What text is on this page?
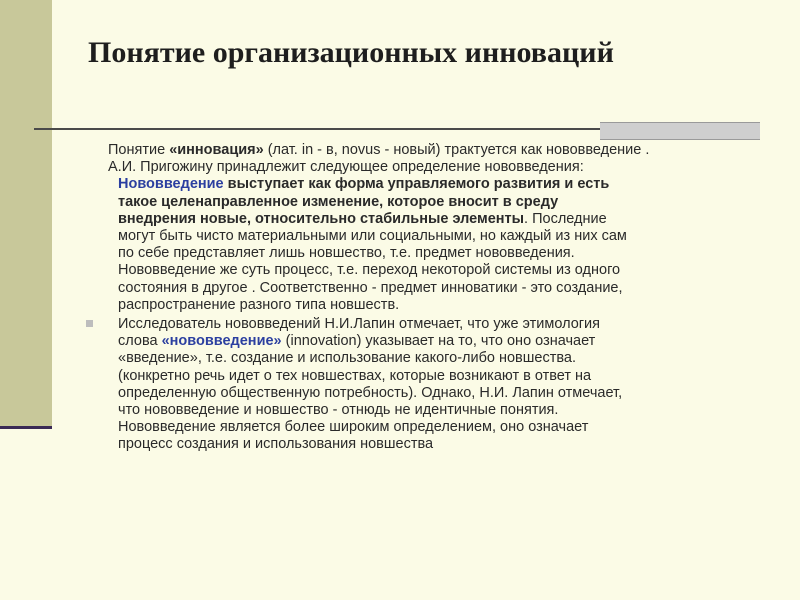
Понятие организационных инноваций
Понятие «инновация» (лат. in - в, novus - новый) трактуется как нововведение .
А.И. Пригожину принадлежит следующее определение нововведения:
Нововведение выступает как форма управляемого развития и есть
такое целенаправленное изменение, которое вносит в среду
внедрения новые, относительно стабильные элементы. Последние
могут быть чисто материальными или социальными, но каждый из них сам
по себе представляет лишь новшество, т.е. предмет нововведения.
Нововведение же суть процесс, т.е. переход некоторой системы из одного
состояния в другое . Соответственно - предмет инноватики - это создание,
распространение разного типа новшеств.
Исследователь нововведений Н.И.Лапин отмечает, что уже этимология
слова «нововведение» (innovation) указывает на то, что оно означает
«введение», т.е. создание и использование какого-либо новшества.
(конкретно речь идет о тех новшествах, которые возникают в ответ на
определенную общественную потребность). Однако, Н.И. Лапин отмечает,
что нововведение и новшество - отнюдь не идентичные понятия.
Нововведение является более широким определением, оно означает
процесс создания и использования новшества
